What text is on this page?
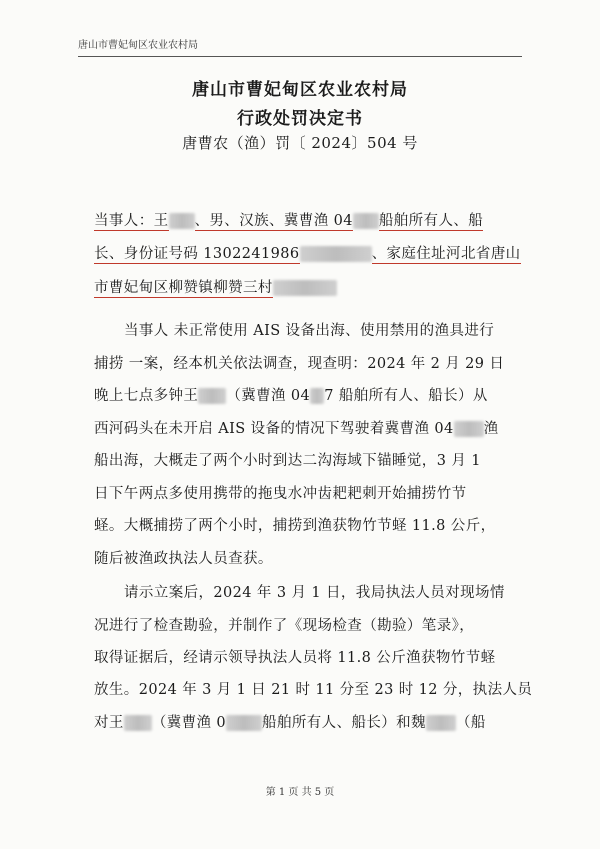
唐山市曹妃甸区农业农村局
唐山市曹妃甸区农业农村局
行政处罚决定书
唐曹农（渔）罚〔 2024〕504 号
当事人：王 、男、汉族、冀曹渔 04 船舶所有人、船
长、身份证号码 1302241986	、家庭住址河北省唐山
市曹妃甸区柳赞镇柳赞三村
当事人 未正常使用 AIS 设备出海、使用禁用的渔具进行
捕捞 一案，经本机关依法调查，现查明：2024 年 2 月 29 日
晚上七点多钟王 （冀曹渔 04 7 船舶所有人、船长）从
西河码头在未开启 AIS 设备的情况下驾驶着冀曹渔 04 渔
船出海，大概走了两个小时到达二沟海域下锚睡觉，3 月 1
日下午两点多使用携带的拖曳水冲齿耙耙刺开始捕捞竹节
蛏。大概捕捞了两个小时，捕捞到渔获物竹节蛏 11.8 公斤，
随后被渔政执法人员查获。
请示立案后，2024 年 3 月 1 日，我局执法人员对现场情
况进行了检查勘验，并制作了《现场检查（勘验）笔录》，
取得证据后，经请示领导执法人员将 11.8 公斤渔获物竹节蛏
放生。2024 年 3 月 1 日 21 时 11 分至 23 时 12 分，执法人员
对王 （冀曹渔 0 船舶所有人、船长）和魏 （船
第 1 页 共 5 页
